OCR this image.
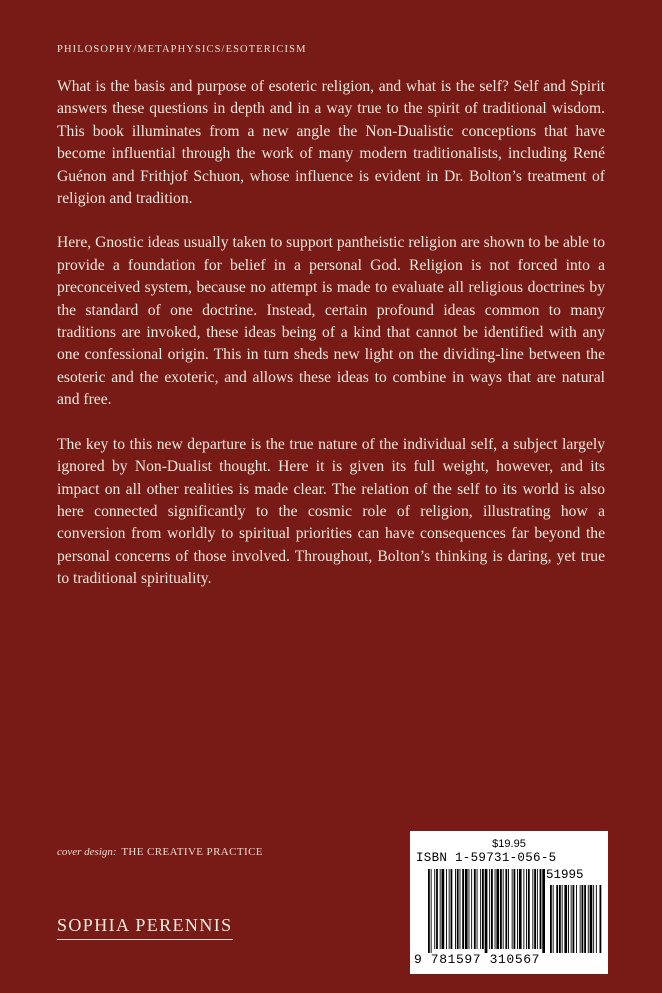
PHILOSOPHY/METAPHYSICS/ESOTERICISM

What is the basis and purpose of esoteric religion, and what is the self? Self and Spirit answers these questions in depth and in a way true to the spirit of traditional wisdom. This book illuminates from a new angle the Non-Dualistic conceptions that have become influential through the work of many modern traditionalists, including René Guénon and Frithjof Schuon, whose influence is evident in Dr. Bolton’s treatment of religion and tradition.

Here, Gnostic ideas usually taken to support pantheistic religion are shown to be able to provide a foundation for belief in a personal God. Religion is not forced into a preconceived system, because no attempt is made to evaluate all religious doctrines by the standard of one doctrine. Instead, certain profound ideas common to many traditions are invoked, these ideas being of a kind that cannot be identified with any one confessional origin. This in turn sheds new light on the dividing-line between the esoteric and the exoteric, and allows these ideas to combine in ways that are natural and free.

The key to this new departure is the true nature of the individual self, a subject largely ignored by Non-Dualist thought. Here it is given its full weight, however, and its impact on all other realities is made clear. The relation of the self to its world is also here connected significantly to the cosmic role of religion, illustrating how a conversion from worldly to spiritual priorities can have consequences far beyond the personal concerns of those involved. Throughout, Bolton’s thinking is daring, yet true to traditional spirituality.

cover design: THE CREATIVE PRACTICE
SOPHIA PERENNIS
$19.95
ISBN 1-59731-056-5
51995
9 781597 310567
